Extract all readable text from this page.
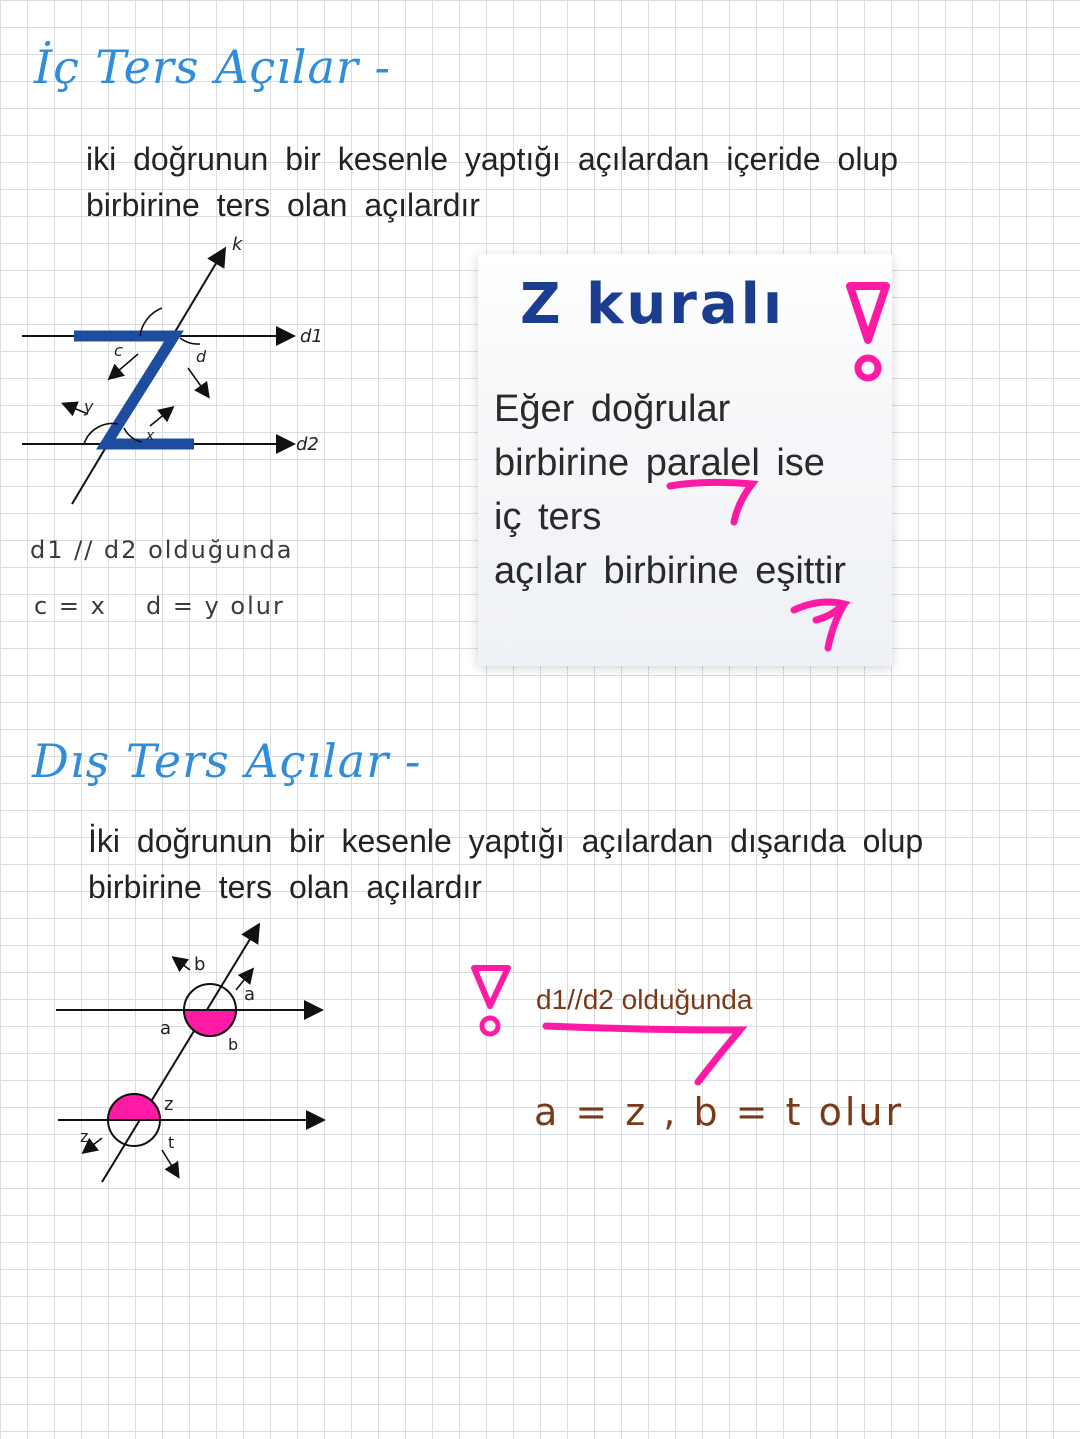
İç Ters Açılar -
iki doğrunun bir kesenle yaptığı açılardan içeride olup
birbirine ters olan açılardır
k
d1
d2
c	d
y
x
d1 // d2 olduğunda
c = x d = y olur
Z kuralı
Eğer doğrular
birbirine paralel ise
iç ters
açılar birbirine eşittir
Dış Ters Açılar -
İki doğrunun bir kesenle yaptığı açılardan dışarıda olup
birbirine ters olan açılardır
b
a
a
b
z
z	t
d1//d2 olduğunda
a = z , b = t olur
